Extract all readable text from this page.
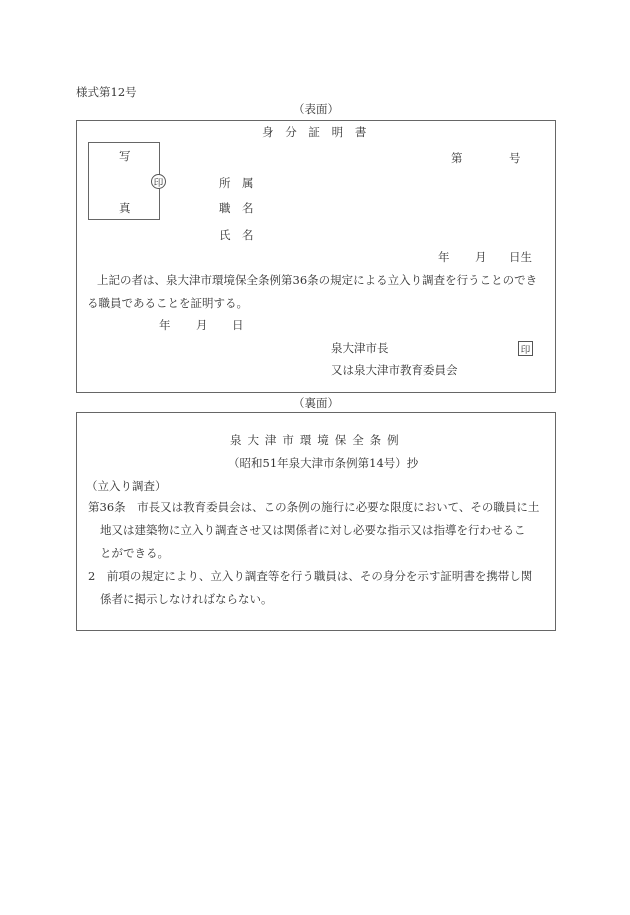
様式第12号
（表面）
身 分 証 明 書
写
真
印
第	号
所　属
職　名
氏　名
年 月 日生
上記の者は、泉大津市環境保全条例第36条の規定による立入り調査を行うことのでき
る職員であることを証明する。
年 月 日
泉大津市長	印
又は泉大津市教育委員会
（裏面）
泉 大 津 市 環 境 保 全 条 例
（昭和51年泉大津市条例第14号）抄
（立入り調査）
第36条　市長又は教育委員会は、この条例の施行に必要な限度において、その職員に土
地又は建築物に立入り調査させ又は関係者に対し必要な指示又は指導を行わせるこ
とができる。
2　前項の規定により、立入り調査等を行う職員は、その身分を示す証明書を携帯し関
係者に掲示しなければならない。
